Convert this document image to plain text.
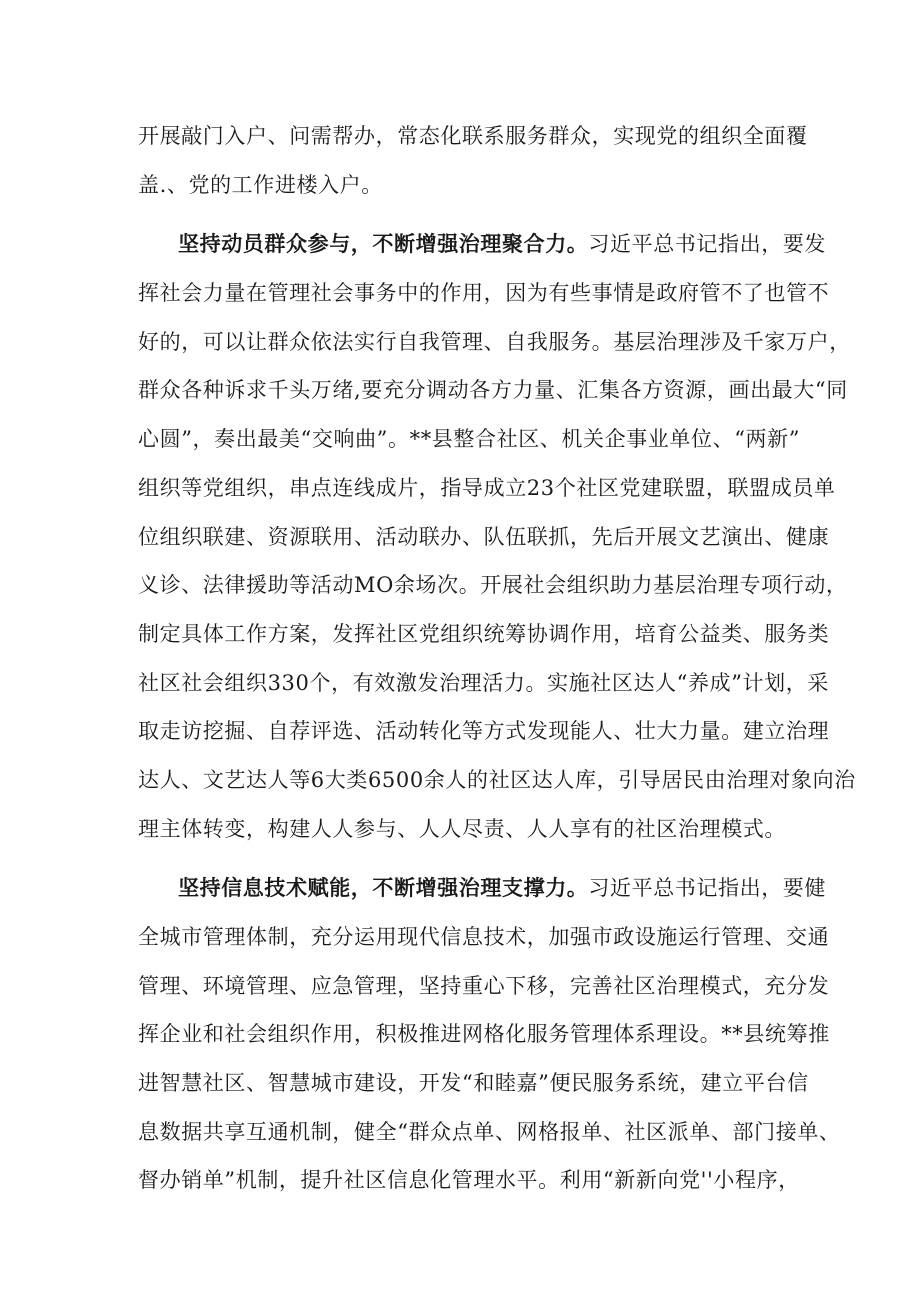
开展敲门入户、问需帮办，常态化联系服务群众，实现党的组织全面覆
盖.、党的工作进楼入户。
坚持动员群众参与，不断增强治理聚合力。习近平总书记指出，要发
挥社会力量在管理社会事务中的作用，因为有些事情是政府管不了也管不
好的，可以让群众依法实行自我管理、自我服务。基层治理涉及千家万户，
群众各种诉求千头万绪,要充分调动各方力量、汇集各方资源，画出最大“同
心圆”，奏出最美“交响曲”。**县整合社区、机关企事业单位、“两新”
组织等党组织，串点连线成片，指导成立23个社区党建联盟，联盟成员单
位组织联建、资源联用、活动联办、队伍联抓，先后开展文艺演出、健康
义诊、法律援助等活动MO余场次。开展社会组织助力基层治理专项行动，
制定具体工作方案，发挥社区党组织统筹协调作用，培育公益类、服务类
社区社会组织330个，有效激发治理活力。实施社区达人“养成”计划，采
取走访挖掘、自荐评选、活动转化等方式发现能人、壮大力量。建立治理
达人、文艺达人等6大类6500余人的社区达人库，引导居民由治理对象向治
理主体转变，构建人人参与、人人尽责、人人享有的社区治理模式。
坚持信息技术赋能，不断增强治理支撑力。习近平总书记指出，要健
全城市管理体制，充分运用现代信息技术，加强市政设施运行管理、交通
管理、环境管理、应急管理，坚持重心下移，完善社区治理模式，充分发
挥企业和社会组织作用，积极推进网格化服务管理体系理设。**县统筹推
进智慧社区、智慧城市建设，开发“和睦嘉”便民服务系统，建立平台信
息数据共享互通机制，健全“群众点单、网格报单、社区派单、部门接单、
督办销单”机制，提升社区信息化管理水平。利用“新新向党''小程序，
